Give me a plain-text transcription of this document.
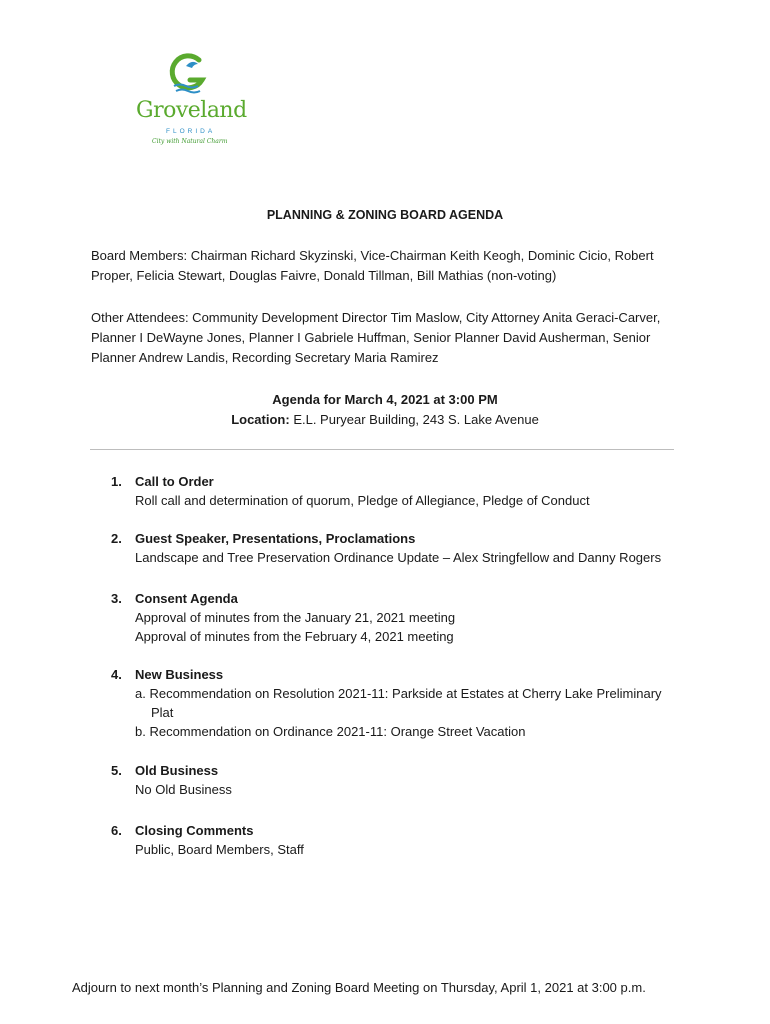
Groveland
FLORIDA
City with Natural Charm
PLANNING & ZONING BOARD AGENDA
Board Members: Chairman Richard Skyzinski, Vice-Chairman Keith Keogh, Dominic Cicio, Robert Proper, Felicia Stewart, Douglas Faivre, Donald Tillman, Bill Mathias (non-voting)
Other Attendees: Community Development Director Tim Maslow, City Attorney Anita Geraci-Carver, Planner I DeWayne Jones, Planner I Gabriele Huffman, Senior Planner David Ausherman, Senior Planner Andrew Landis, Recording Secretary Maria Ramirez
Agenda for March 4, 2021 at 3:00 PM
Location: E.L. Puryear Building, 243 S. Lake Avenue
1. Call to Order
Roll call and determination of quorum, Pledge of Allegiance, Pledge of Conduct
2. Guest Speaker, Presentations, Proclamations
Landscape and Tree Preservation Ordinance Update – Alex Stringfellow and Danny Rogers
3. Consent Agenda
Approval of minutes from the January 21, 2021 meeting
Approval of minutes from the February 4, 2021 meeting
4. New Business
a. Recommendation on Resolution 2021-11: Parkside at Estates at Cherry Lake Preliminary
Plat
b. Recommendation on Ordinance 2021-11: Orange Street Vacation
5. Old Business
No Old Business
6. Closing Comments
Public, Board Members, Staff
Adjourn to next month’s Planning and Zoning Board Meeting on Thursday, April 1, 2021 at 3:00 p.m.
